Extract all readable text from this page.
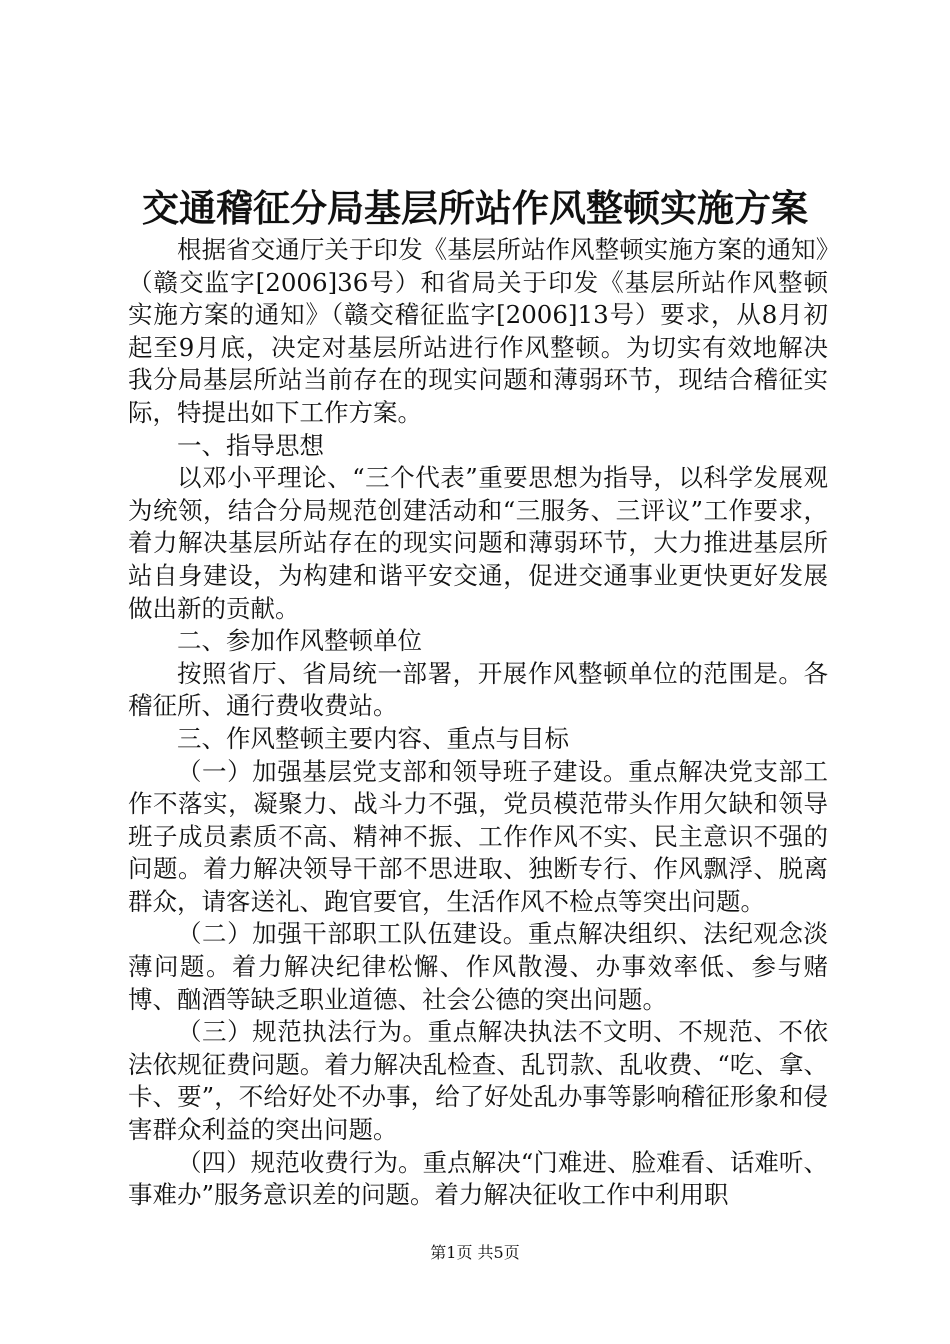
交通稽征分局基层所站作风整顿实施方案

根据省交通厅关于印发《基层所站作风整顿实施方案的通知》（赣交监字[2006]36号）和省局关于印发《基层所站作风整顿实施方案的通知》（赣交稽征监字[2006]13号）要求，从8月初起至9月底，决定对基层所站进行作风整顿。为切实有效地解决我分局基层所站当前存在的现实问题和薄弱环节，现结合稽征实际，特提出如下工作方案。

一、指导思想

以邓小平理论、“三个代表”重要思想为指导，以科学发展观为统领，结合分局规范创建活动和“三服务、三评议”工作要求，着力解决基层所站存在的现实问题和薄弱环节，大力推进基层所站自身建设，为构建和谐平安交通，促进交通事业更快更好发展做出新的贡献。

二、参加作风整顿单位

按照省厅、省局统一部署，开展作风整顿单位的范围是。各稽征所、通行费收费站。

三、作风整顿主要内容、重点与目标

（一）加强基层党支部和领导班子建设。重点解决党支部工作不落实，凝聚力、战斗力不强，党员模范带头作用欠缺和领导班子成员素质不高、精神不振、工作作风不实、民主意识不强的问题。着力解决领导干部不思进取、独断专行、作风飘浮、脱离群众，请客送礼、跑官要官，生活作风不检点等突出问题。

（二）加强干部职工队伍建设。重点解决组织、法纪观念淡薄问题。着力解决纪律松懈、作风散漫、办事效率低、参与赌博、酗酒等缺乏职业道德、社会公德的突出问题。

（三）规范执法行为。重点解决执法不文明、不规范、不依法依规征费问题。着力解决乱检查、乱罚款、乱收费、“吃、拿、卡、要”，不给好处不办事，给了好处乱办事等影响稽征形象和侵害群众利益的突出问题。

（四）规范收费行为。重点解决“门难进、脸难看、话难听、事难办”服务意识差的问题。着力解决征收工作中利用职

第1页 共5页
